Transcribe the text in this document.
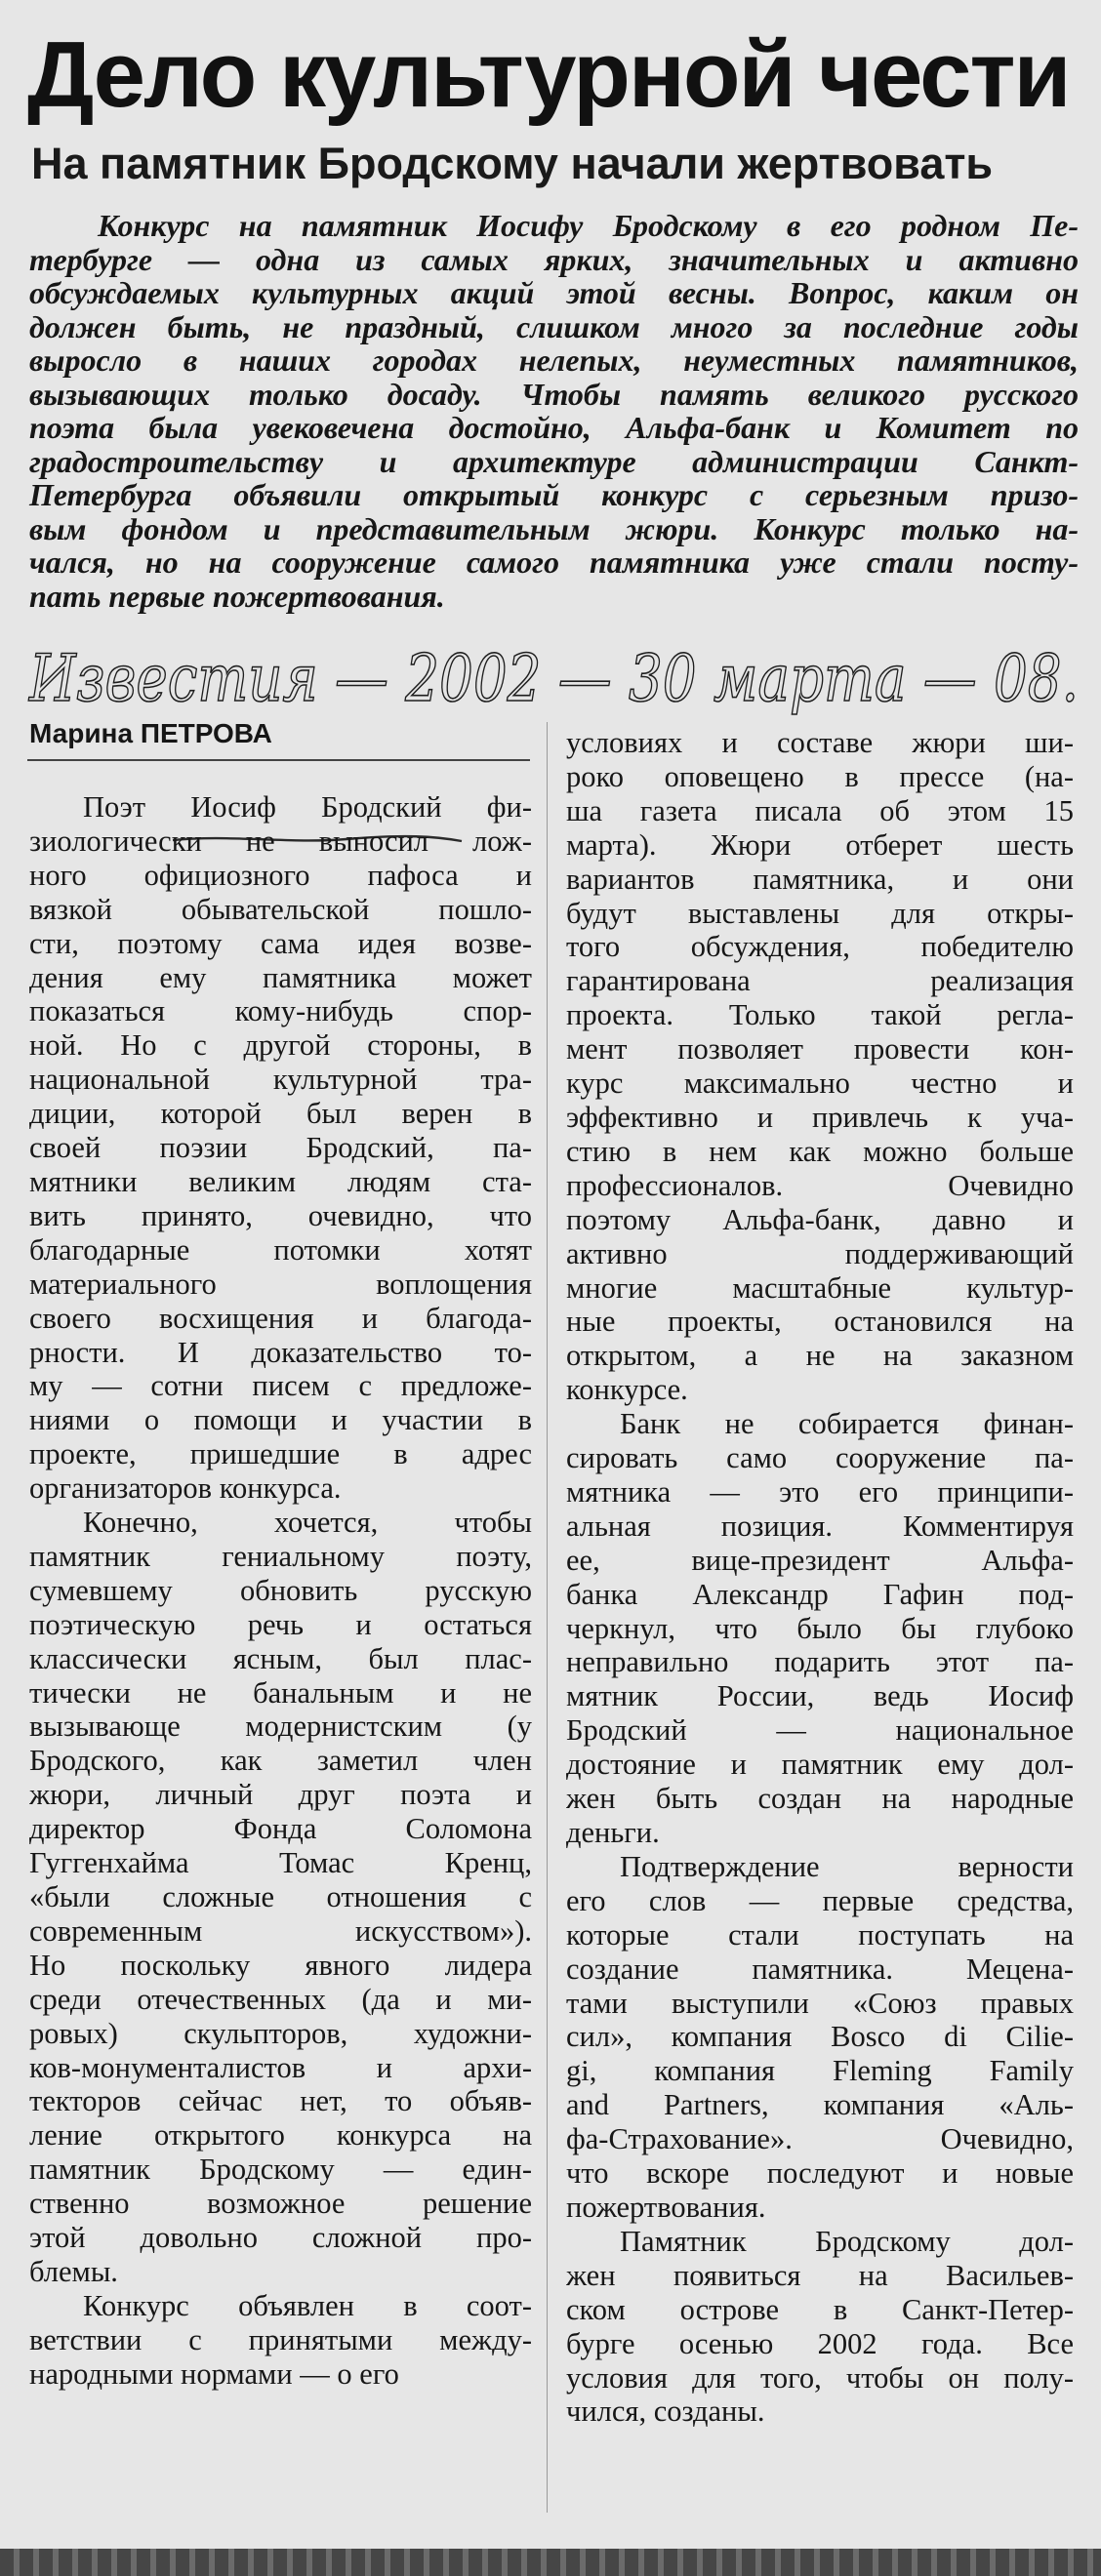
Дело культурной чести
На памятник Бродскому начали жертвовать
Конкурс на памятник Иосифу Бродскому в его родном Пе-
тербурге — одна из самых ярких, значительных и активно
обсуждаемых культурных акций этой весны. Вопрос, каким он
должен быть, не праздный, слишком много за последние годы
выросло в наших городах нелепых, неуместных памятников,
вызывающих только досаду. Чтобы память великого русского
поэта была увековечена достойно, Альфа-банк и Комитет по
градостроительству и архитектуре администрации Санкт-
Петербурга объявили открытый конкурс с серьезным призо-
вым фондом и представительным жюри. Конкурс только на-
чался, но на сооружение самого памятника уже стали посту-
пать первые пожертвования.
Известия — 2002 — 30 марта — 08.
Марина ПЕТРОВА
Поэт Иосиф Бродский фи-
зиологически не выносил лож-
ного официозного пафоса и
вязкой обывательской пошло-
сти, поэтому сама идея возве-
дения ему памятника может
показаться кому-нибудь спор-
ной. Но с другой стороны, в
национальной культурной тра-
диции, которой был верен в
своей поэзии Бродский, па-
мятники великим людям ста-
вить принято, очевидно, что
благодарные потомки хотят
материального воплощения
своего восхищения и благода-
рности. И доказательство то-
му — сотни писем с предложе-
ниями о помощи и участии в
проекте, пришедшие в адрес
организаторов конкурса.
Конечно, хочется, чтобы
памятник гениальному поэту,
сумевшему обновить русскую
поэтическую речь и остаться
классически ясным, был плас-
тически не банальным и не
вызывающе модернистским (у
Бродского, как заметил член
жюри, личный друг поэта и
директор Фонда Соломона
Гуггенхайма Томас Кренц,
«были сложные отношения с
современным искусством»).
Но поскольку явного лидера
среди отечественных (да и ми-
ровых) скульпторов, художни-
ков-монументалистов и архи-
текторов сейчас нет, то объяв-
ление открытого конкурса на
памятник Бродскому — един-
ственно возможное решение
этой довольно сложной про-
блемы.
Конкурс объявлен в соот-
ветствии с принятыми между-
народными нормами — о его
условиях и составе жюри ши-
роко оповещено в прессе (на-
ша газета писала об этом 15
марта). Жюри отберет шесть
вариантов памятника, и они
будут выставлены для откры-
того обсуждения, победителю
гарантирована реализация
проекта. Только такой регла-
мент позволяет провести кон-
курс максимально честно и
эффективно и привлечь к уча-
стию в нем как можно больше
профессионалов. Очевидно
поэтому Альфа-банк, давно и
активно поддерживающий
многие масштабные культур-
ные проекты, остановился на
открытом, а не на заказном
конкурсе.
Банк не собирается финан-
сировать само сооружение па-
мятника — это его принципи-
альная позиция. Комментируя
ее, вице-президент Альфа-
банка Александр Гафин под-
черкнул, что было бы глубоко
неправильно подарить этот па-
мятник России, ведь Иосиф
Бродский — национальное
достояние и памятник ему дол-
жен быть создан на народные
деньги.
Подтверждение верности
его слов — первые средства,
которые стали поступать на
создание памятника. Мецена-
тами выступили «Союз правых
сил», компания Bosco di Cilie-
gi, компания Fleming Family
and Partners, компания «Аль-
фа-Страхование». Очевидно,
что вскоре последуют и новые
пожертвования.
Памятник Бродскому дол-
жен появиться на Васильев-
ском острове в Санкт-Петер-
бурге осенью 2002 года. Все
условия для того, чтобы он полу-
чился, созданы.
